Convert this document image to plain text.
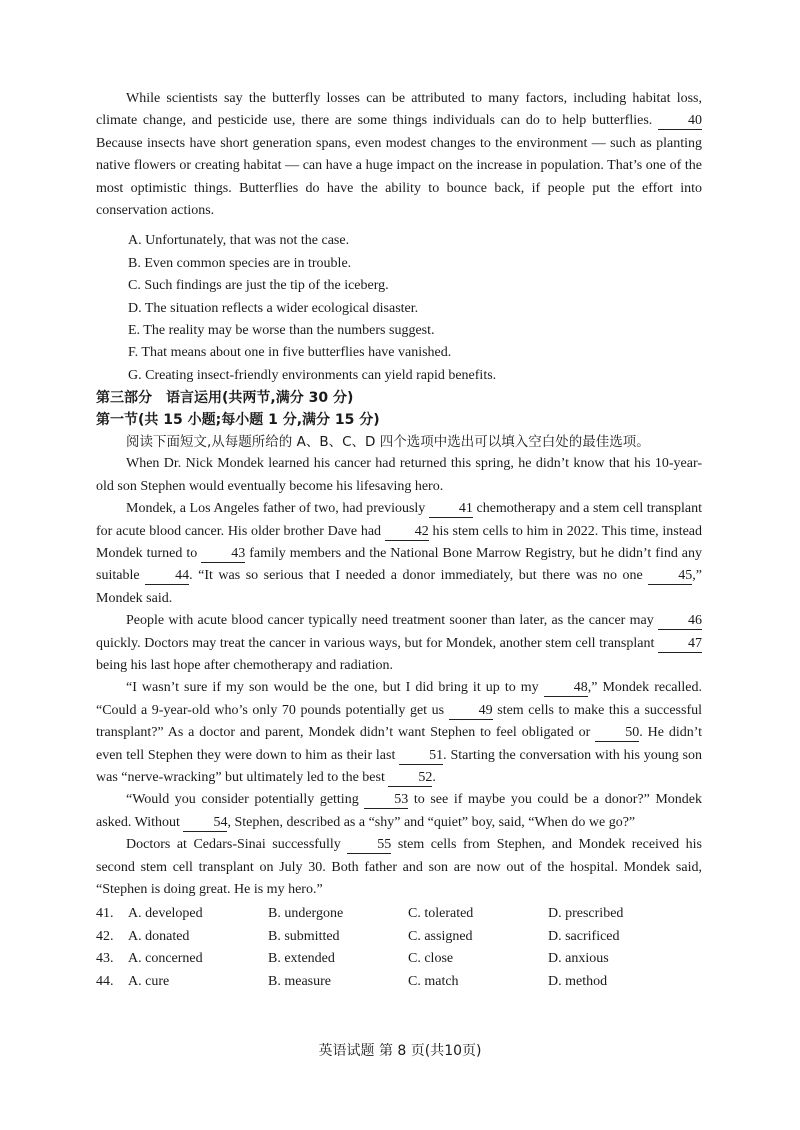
While scientists say the butterfly losses can be attributed to many factors, including habitat loss, climate change, and pesticide use, there are some things individuals can do to help butterflies.	40 Because insects have short generation spans, even modest changes to the environment — such as planting native flowers or creating habitat — can have a huge impact on the increase in population. That’s one of the most optimistic things. Butterflies do have the ability to bounce back, if people put the effort into conservation actions.

A. Unfortunately, that was not the case.
B. Even common species are in trouble.
C. Such findings are just the tip of the iceberg.
D. The situation reflects a wider ecological disaster.
E. The reality may be worse than the numbers suggest.
F. That means about one in five butterflies have vanished.
G. Creating insect-friendly environments can yield rapid benefits.
第三部分　语言运用(共两节,满分 30 分)
第一节(共 15 小题;每小题 1 分,满分 15 分)
阅读下面短文,从每题所给的 A、B、C、D 四个选项中选出可以填入空白处的最佳选项。

When Dr. Nick Mondek learned his cancer had returned this spring, he didn’t know that his 10-year-old son Stephen would eventually become his lifesaving hero.

Mondek, a Los Angeles father of two, had previously 41 chemotherapy and a stem cell transplant for acute blood cancer. His older brother Dave had 42 his stem cells to him in 2022. This time, instead Mondek turned to 43 family members and the National Bone Marrow Registry, but he didn’t find any suitable	44. “It was so serious that I needed a donor immediately, but there was no one	45,” Mondek said.

People with acute blood cancer typically need treatment sooner than later, as the cancer may 46 quickly. Doctors may treat the cancer in various ways, but for Mondek, another stem cell transplant 47 being his last hope after chemotherapy and radiation.

“I wasn’t sure if my son would be the one, but I did bring it up to my	48,” Mondek recalled. “Could a 9-year-old who’s only 70 pounds potentially get us 49 stem cells to make this a successful transplant?” As a doctor and parent, Mondek didn’t want Stephen to feel obligated or 50. He didn’t even tell Stephen they were down to him as their last 51. Starting the conversation with his young son was “nerve-wracking” but ultimately led to the best 52.

“Would you consider potentially getting	53 to see if maybe you could be a donor?” Mondek asked. Without 54, Stephen, described as a “shy” and “quiet” boy, said, “When do we go?”

Doctors at Cedars-Sinai successfully	55 stem cells from Stephen, and Mondek received his second stem cell transplant on July 30. Both father and son are now out of the hospital. Mondek said, “Stephen is doing great. He is my hero.”

41.	A. developed	B. undergone	C. tolerated	D. prescribed
42.	A. donated	B. submitted	C. assigned	D. sacrificed
43.	A. concerned	B. extended	C. close	D. anxious
44.	A. cure	B. measure	C. match	D. method
英语试题 第 8 页(共10页)
